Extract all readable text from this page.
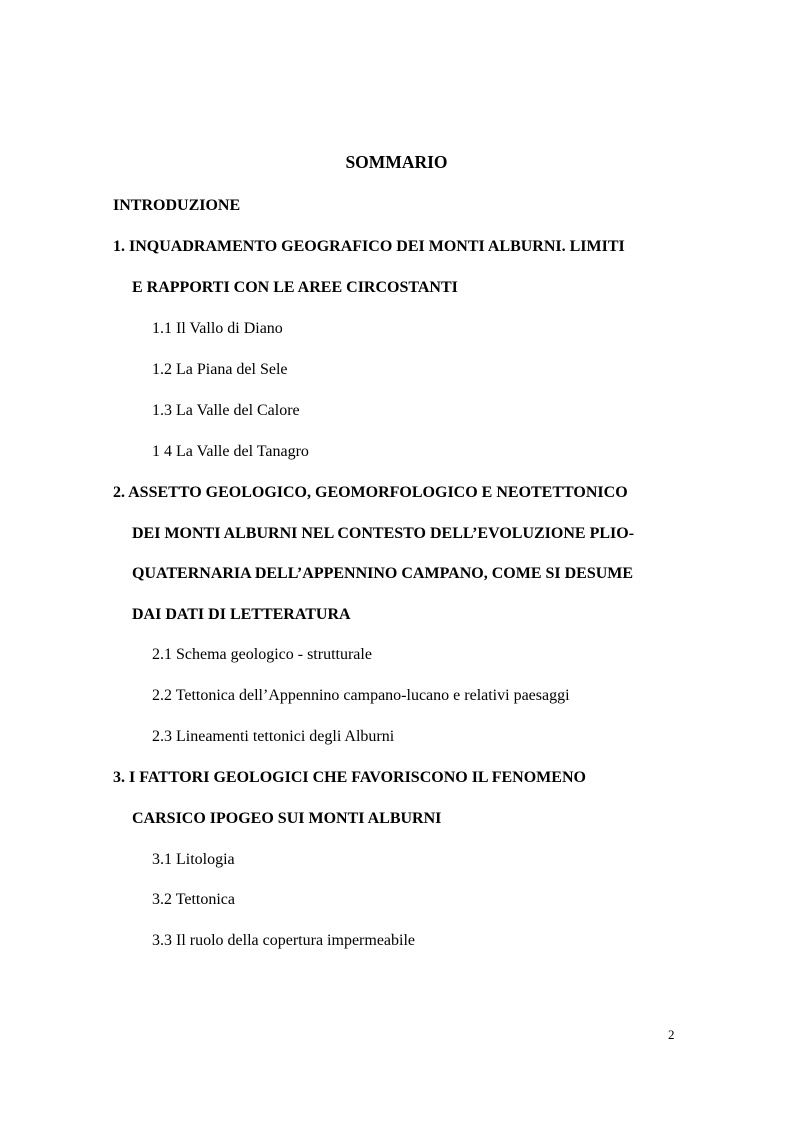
SOMMARIO
INTRODUZIONE
1. INQUADRAMENTO GEOGRAFICO DEI MONTI ALBURNI. LIMITI
E RAPPORTI CON LE AREE CIRCOSTANTI
1.1 Il Vallo di Diano
1.2 La Piana del Sele
1.3 La Valle del Calore
1 4 La Valle del Tanagro
2. ASSETTO GEOLOGICO, GEOMORFOLOGICO E NEOTETTONICO
DEI MONTI ALBURNI NEL CONTESTO DELL’EVOLUZIONE PLIO-
QUATERNARIA DELL’APPENNINO CAMPANO, COME SI DESUME
DAI DATI DI LETTERATURA
2.1 Schema geologico - strutturale
2.2 Tettonica dell’Appennino campano-lucano e relativi paesaggi
2.3 Lineamenti tettonici degli Alburni
3. I FATTORI GEOLOGICI CHE FAVORISCONO IL FENOMENO
CARSICO IPOGEO SUI MONTI ALBURNI
3.1 Litologia
3.2 Tettonica
3.3 Il ruolo della copertura impermeabile
2
